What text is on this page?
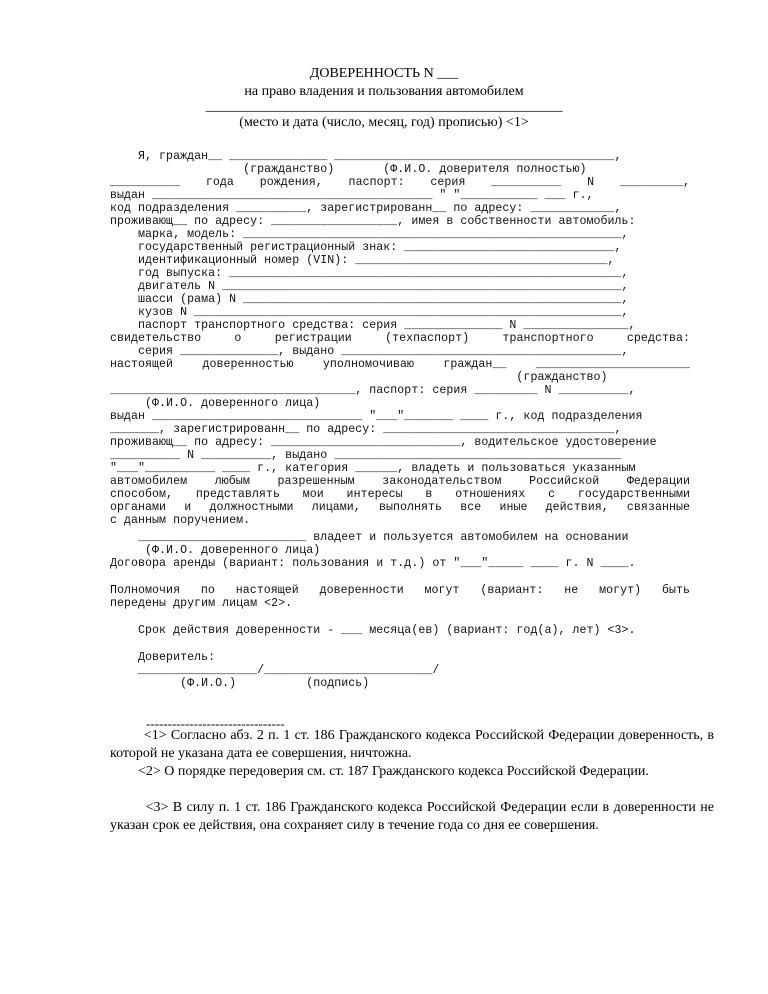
ДОВЕРЕННОСТЬ N ___
на право владения и пользования автомобилем
______________________________________________________
(место и дата (число, месяц, год) прописью) <1>
Я, граждан__ ______________ ________________________________________,
(гражданство)       (Ф.И.О. доверителя полностью)
__________ года рождения, паспорт: серия __________ N _________,
выдан ________________________________________ " "___________ ___ г.,
код подразделения __________, зарегистрированн__ по адресу: ____________,
проживающ__ по адресу: __________________, имея в собственности автомобиль:
марка, модель: ______________________________________________________,
государственный регистрационный знак: ______________________________,
идентификационный номер (VIN): ____________________________________,
год выпуска: ________________________________________________________,
двигатель N _________________________________________________________,
шасси (рама) N ______________________________________________________,
кузов N _____________________________________________________________,
паспорт транспортного средства: серия ______________ N _______________,
свидетельство о регистрации (техпаспорт) транспортного средства:
серия ______________, выдано ________________________________________,
настоящей доверенностью уполномочиваю граждан__ ______________________
(гражданство)
___________________________________, паспорт: серия _________ N __________,
(Ф.И.О. доверенного лица)
выдан ______________________________ "___"_______ ____ г., код подразделения
_______, зарегистрированн__ по адресу: _________________________________,
проживающ__ по адресу: ___________________________, водительское удостоверение
__________ N __________, выдано _________________________________________
"___"__________ ____ г., категория ______, владеть и пользоваться указанным
автомобилем любым разрешенным законодательством Российской Федерации
способом, представлять мои интересы в отношениях с государственными
органами и должностными лицами, выполнять все иные действия, связанные
с данным поручением.
________________________ владеет и пользуется автомобилем на основании
(Ф.И.О. доверенного лица)
Договора аренды (вариант: пользования и т.д.) от "___"_____ ____ г. N ____.
Полномочия по настоящей доверенности могут (вариант: не могут) быть
передены другим лицам <2>.
Срок действия доверенности - ___ месяца(ев) (вариант: год(а), лет) <3>.
Доверитель:
_________________/________________________/
(Ф.И.О.)          (подпись)
--------------------------------
<1> Согласно абз. 2 п. 1 ст. 186 Гражданского кодекса Российской Федерации доверенность, в которой не указана дата ее совершения, ничтожна.
<2> О порядке передоверия см. ст. 187 Гражданского кодекса Российской Федерации.
<3> В силу п. 1 ст. 186 Гражданского кодекса Российской Федерации если в доверенности не указан срок ее действия, она сохраняет силу в течение года со дня ее совершения.
